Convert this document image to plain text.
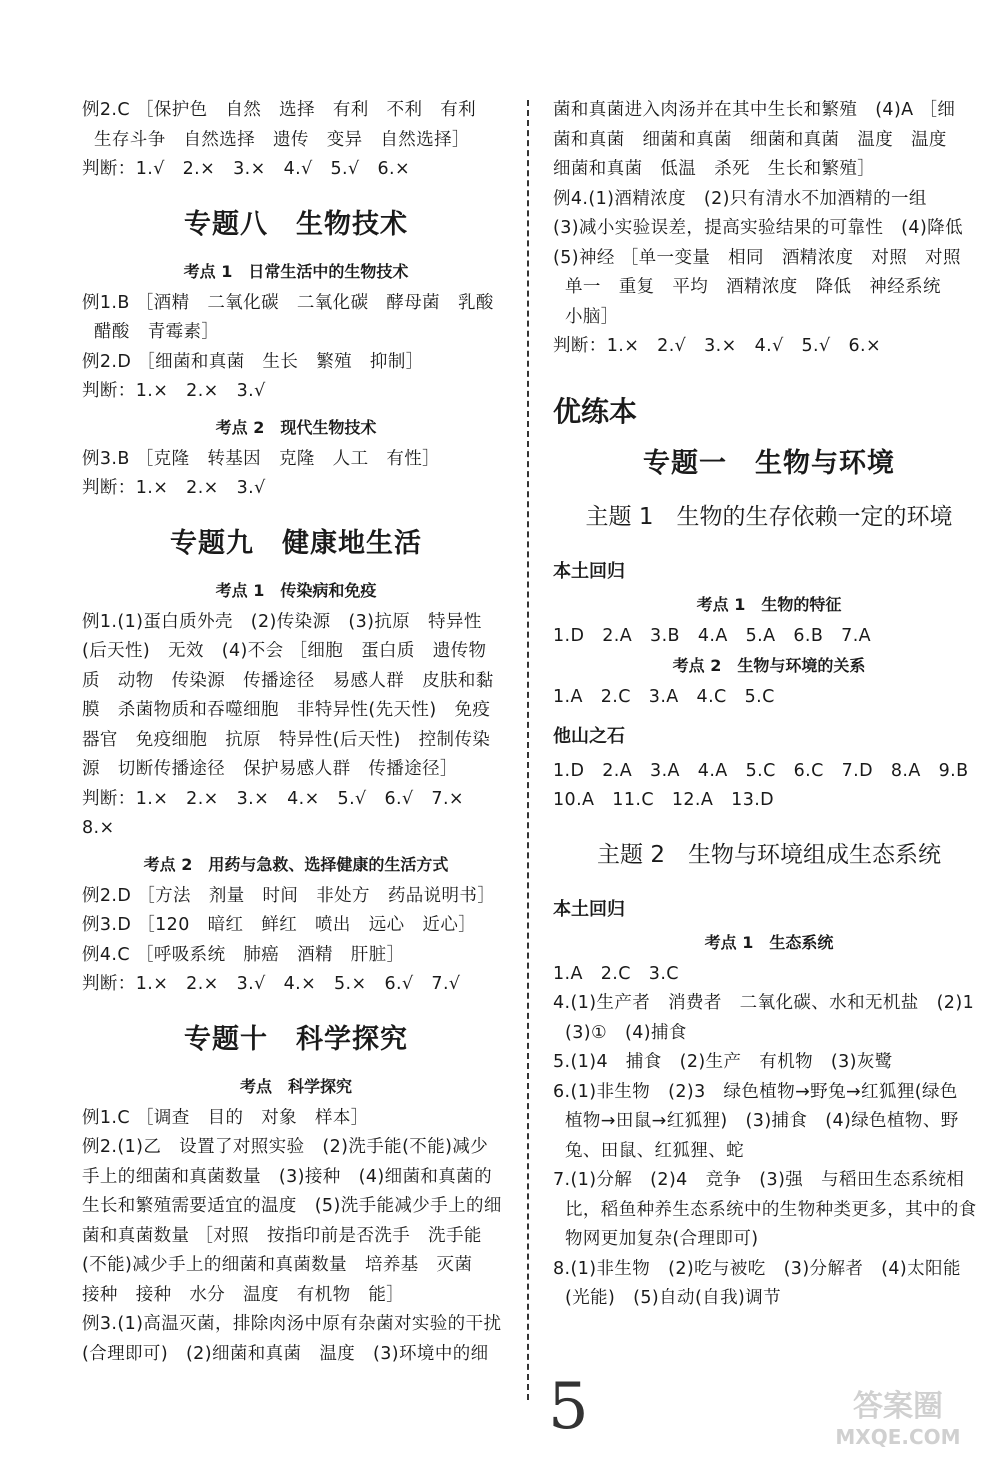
例2.C ［保护色　自然　选择　有利　不利　有利
生存斗争　自然选择　遗传　变异　自然选择］
判断：1.√　2.×　3.×　4.√　5.√　6.×
专题八　生物技术
考点 1　日常生活中的生物技术
例1.B ［酒精　二氧化碳　二氧化碳　酵母菌　乳酸
醋酸　青霉素］
例2.D ［细菌和真菌　生长　繁殖　抑制］
判断：1.×　2.×　3.√
考点 2　现代生物技术
例3.B ［克隆　转基因　克隆　人工　有性］
判断：1.×　2.×　3.√
专题九　健康地生活
考点 1　传染病和免疫
例1.(1)蛋白质外壳　(2)传染源　(3)抗原　特异性
(后天性)　无效　(4)不会 ［细胞　蛋白质　遗传物
质　动物　传染源　传播途径　易感人群　皮肤和黏
膜　杀菌物质和吞噬细胞　非特异性(先天性)　免疫
器官　免疫细胞　抗原　特异性(后天性)　控制传染
源　切断传播途径　保护易感人群　传播途径］
判断：1.×　2.×　3.×　4.×　5.√　6.√　7.×
8.×
考点 2　用药与急救、选择健康的生活方式
例2.D ［方法　剂量　时间　非处方　药品说明书］
例3.D ［120　暗红　鲜红　喷出　远心　近心］
例4.C ［呼吸系统　肺癌　酒精　肝脏］
判断：1.×　2.×　3.√　4.×　5.×　6.√　7.√
专题十　科学探究
考点　科学探究
例1.C ［调查　目的　对象　样本］
例2.(1)乙　设置了对照实验　(2)洗手能(不能)减少
手上的细菌和真菌数量　(3)接种　(4)细菌和真菌的
生长和繁殖需要适宜的温度　(5)洗手能减少手上的细
菌和真菌数量 ［对照　按指印前是否洗手　洗手能
(不能)减少手上的细菌和真菌数量　培养基　灭菌
接种　接种　水分　温度　有机物　能］
例3.(1)高温灭菌，排除肉汤中原有杂菌对实验的干扰
(合理即可)　(2)细菌和真菌　温度　(3)环境中的细
菌和真菌进入肉汤并在其中生长和繁殖　(4)A ［细
菌和真菌　细菌和真菌　细菌和真菌　温度　温度
细菌和真菌　低温　杀死　生长和繁殖］
例4.(1)酒精浓度　(2)只有清水不加酒精的一组
(3)减小实验误差，提高实验结果的可靠性　(4)降低
(5)神经 ［单一变量　相同　酒精浓度　对照　对照
单一　重复　平均　酒精浓度　降低　神经系统
小脑］
判断：1.×　2.√　3.×　4.√　5.√　6.×
优练本
专题一　生物与环境
主题 1　生物的生存依赖一定的环境
本土回归
考点 1　生物的特征
1.D　2.A　3.B　4.A　5.A　6.B　7.A
考点 2　生物与环境的关系
1.A　2.C　3.A　4.C　5.C
他山之石
1.D　2.A　3.A　4.A　5.C　6.C　7.D　8.A　9.B
10.A　11.C　12.A　13.D
主题 2　生物与环境组成生态系统
本土回归
考点 1　生态系统
1.A　2.C　3.C
4.(1)生产者　消费者　二氧化碳、水和无机盐　(2)1
(3)①　(4)捕食
5.(1)4　捕食　(2)生产　有机物　(3)灰鹭
6.(1)非生物　(2)3　绿色植物→野兔→红狐狸(绿色
植物→田鼠→红狐狸)　(3)捕食　(4)绿色植物、野
兔、田鼠、红狐狸、蛇
7.(1)分解　(2)4　竞争　(3)强　与稻田生态系统相
比，稻鱼种养生态系统中的生物种类更多，其中的食
物网更加复杂(合理即可)
8.(1)非生物　(2)吃与被吃　(3)分解者　(4)太阳能
(光能)　(5)自动(自我)调节
5	答案圈
MXQE.COM
